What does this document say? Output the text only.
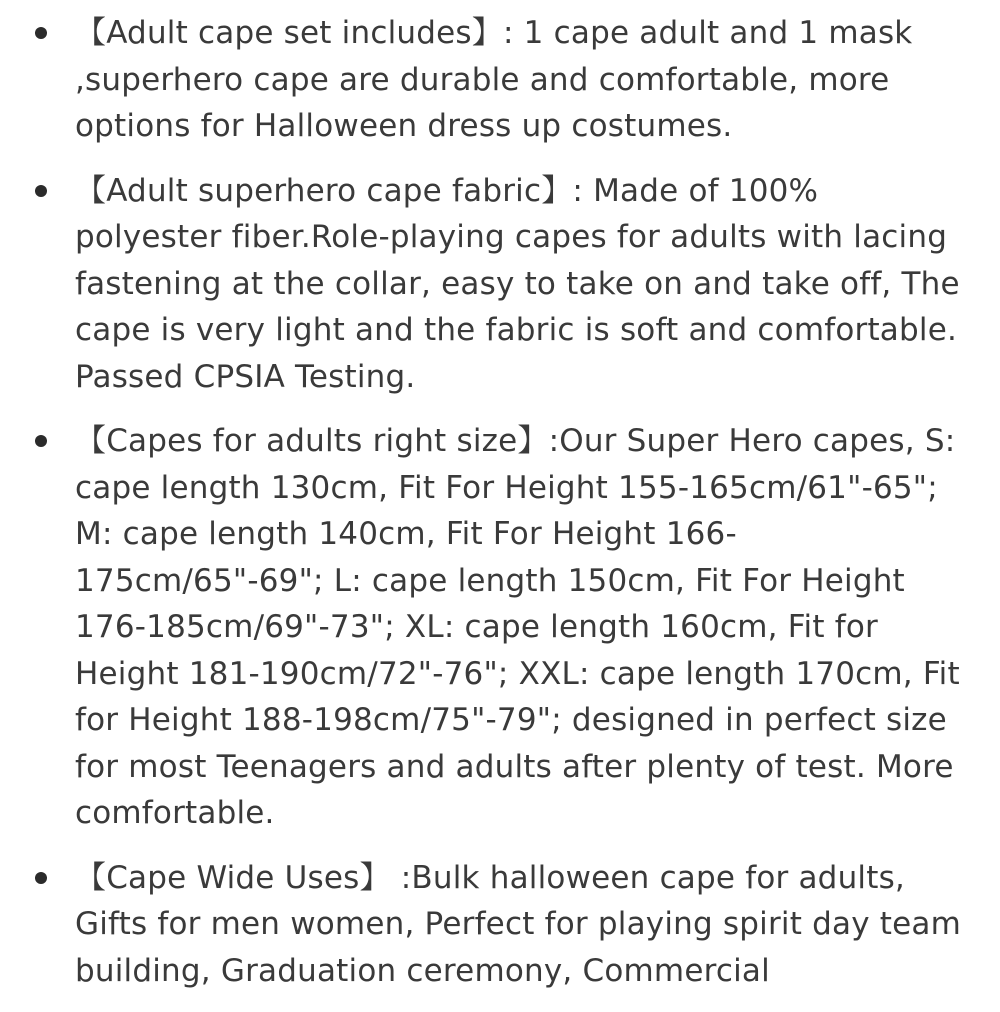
【Adult cape set includes】: 1 cape adult and 1 mask ,superhero cape are durable and comfortable, more options for Halloween dress up costumes.
【Adult superhero cape fabric】: Made of 100% polyester fiber.Role-playing capes for adults with lacing fastening at the collar, easy to take on and take off, The cape is very light and the fabric is soft and comfortable. Passed CPSIA Testing.
【Capes for adults right size】:Our Super Hero capes, S: cape length 130cm, Fit For Height 155-165cm/61"-65"; M: cape length 140cm, Fit For Height 166-175cm/65"-69"; L: cape length 150cm, Fit For Height 176-185cm/69"-73"; XL: cape length 160cm, Fit for Height 181-190cm/72"-76"; XXL: cape length 170cm, Fit for Height 188-198cm/75"-79"; designed in perfect size for most Teenagers and adults after plenty of test. More comfortable.
【Cape Wide Uses】 :Bulk halloween cape for adults, Gifts for men women, Perfect for playing spirit day team building, Graduation ceremony, Commercial
